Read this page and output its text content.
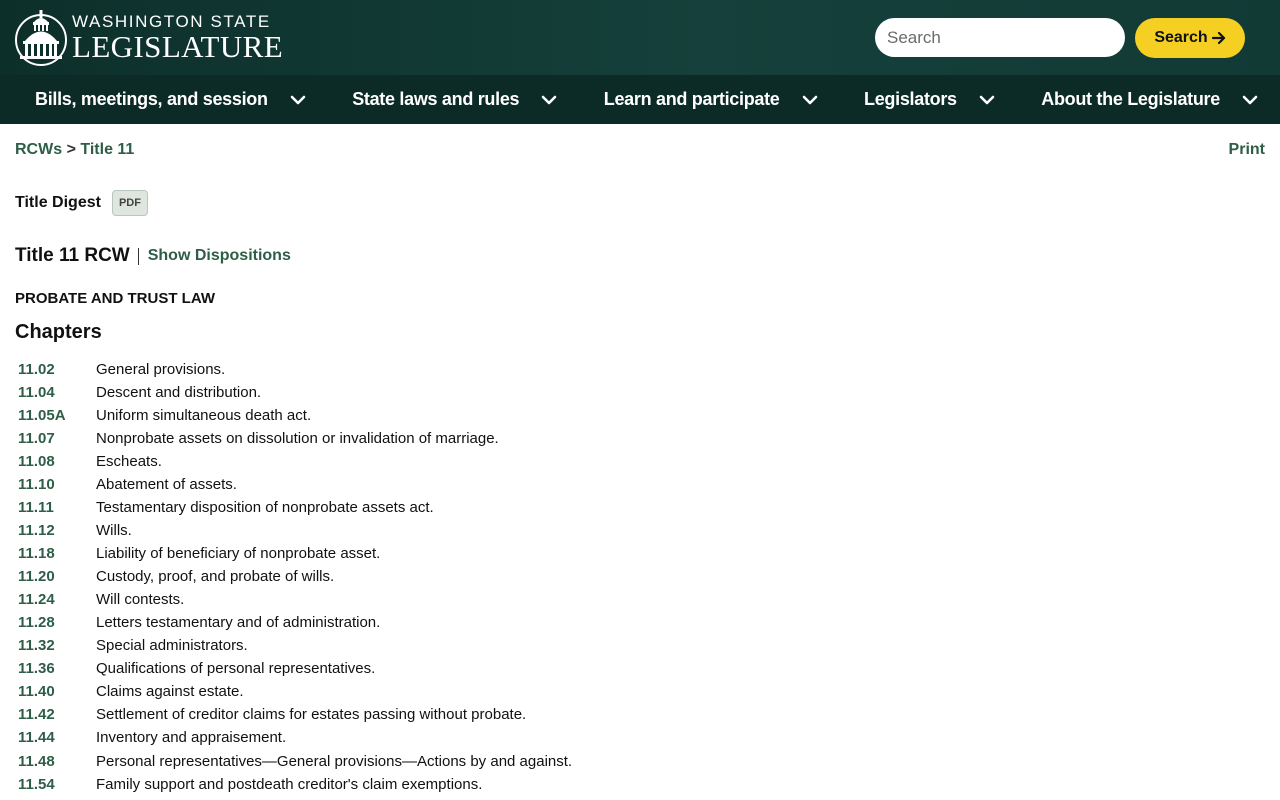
WASHINGTON STATE
LEGISLATURE
Search	Search
Bills, meetings, and session	State laws and rules	Learn and participate	Legislators	About the Legislature
RCWs > Title 11	Print
Title Digest	PDF
Title 11 RCW Show Dispositions
PROBATE AND TRUST LAW
Chapters
11.02	General provisions.
11.04	Descent and distribution.
11.05A	Uniform simultaneous death act.
11.07	Nonprobate assets on dissolution or invalidation of marriage.
11.08	Escheats.
11.10	Abatement of assets.
11.11	Testamentary disposition of nonprobate assets act.
11.12	Wills.
11.18	Liability of beneficiary of nonprobate asset.
11.20	Custody, proof, and probate of wills.
11.24	Will contests.
11.28	Letters testamentary and of administration.
11.32	Special administrators.
11.36	Qualifications of personal representatives.
11.40	Claims against estate.
11.42	Settlement of creditor claims for estates passing without probate.
11.44	Inventory and appraisement.
11.48	Personal representatives—General provisions—Actions by and against.
11.54	Family support and postdeath creditor's claim exemptions.
